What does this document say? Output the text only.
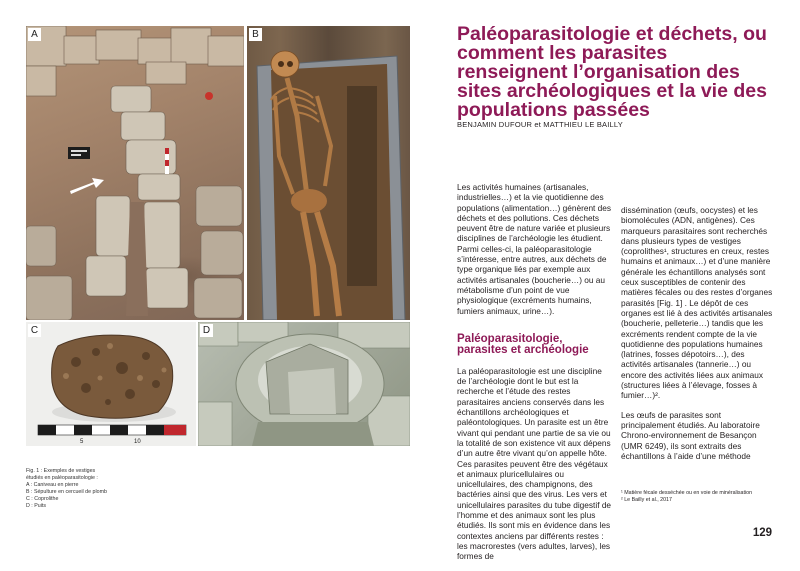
A	B
5	10
C	D
Fig. 1 : Exemples de vestiges
étudiés en paléoparasitologie :
A : Caniveau en pierre
B : Sépulture en cercueil de plomb
C : Coprolithe
D : Puits
Paléoparasitologie et déchets, ou comment les parasites renseignent l’organisation des sites archéologiques et la vie des populations passées
BENJAMIN DUFOUR et MATTHIEU LE BAILLY

Les activités humaines (artisanales, industrielles…) et la vie quotidienne des populations (alimentation…) génèrent des déchets et des pollutions. Ces déchets peuvent être de nature variée et plusieurs disciplines de l’archéologie les étudient. Parmi celles-ci, la paléoparasitologie s’intéresse, entre autres, aux déchets de type organique liés par exemple aux activités artisanales (boucherie…) ou au métabolisme d’un point de vue physiologique (excréments humains, fumiers animaux, urine…).

Paléoparasitologie, parasites et archéologie

La paléoparasitologie est une discipline de l’archéologie dont le but est la recherche et l’étude des restes parasitaires anciens conservés dans les échantillons archéologiques et paléontologiques. Un parasite est un être vivant qui pendant une partie de sa vie ou la totalité de son existence vit aux dépens d’un autre être vivant qu’on appelle hôte. Ces parasites peuvent être des végétaux et animaux pluricellulaires ou unicellulaires, des champignons, des bactéries ainsi que des virus. Les vers et unicellulaires parasites du tube digestif de l’homme et des animaux sont les plus étudiés. Ils sont mis en évidence dans les contextes anciens par différents restes : les macrorestes (vers adultes, larves), les formes de

dissémination (œufs, oocystes) et les biomolécules (ADN, antigènes). Ces marqueurs parasitaires sont recherchés dans plusieurs types de vestiges (coprolithes¹, structures en creux, restes humains et animaux…) et d’une manière générale les échantillons analysés sont ceux susceptibles de contenir des matières fécales ou des restes d’organes parasités [Fig. 1] . Le dépôt de ces organes est lié à des activités artisanales (boucherie, pelleterie…) tandis que les excréments rendent compte de la vie quotidienne des populations humaines (latrines, fosses dépotoirs…), des activités artisanales (tannerie…) ou encore des activités liées aux animaux (structures liées à l’élevage, fosses à fumier…)².

Les œufs de parasites sont principalement étudiés. Au laboratoire Chrono-environnement de Besançon (UMR 6249), ils sont extraits des échantillons à l’aide d’une méthode

¹ Matière fécale desséchée ou en voie de minéralisation
² Le Bailly et al., 2017
129
